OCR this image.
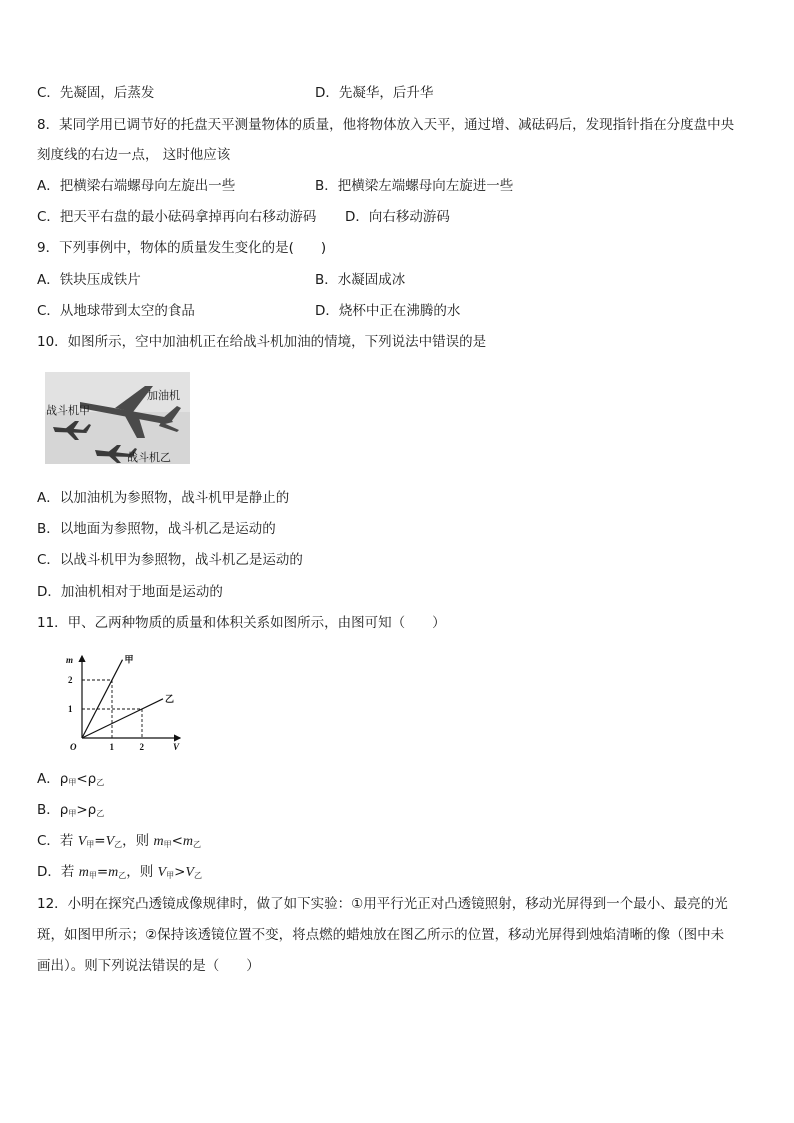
C．先凝固，后蒸发	D．先凝华，后升华
8．某同学用已调节好的托盘天平测量物体的质量，他将物体放入天平，通过增、减砝码后，发现指针指在分度盘中央
刻度线的右边一点， 这时他应该
A．把横梁右端螺母向左旋出一些	B．把横梁左端螺母向左旋进一些
C．把天平右盘的最小砝码拿掉再向右移动游码 D．向右移动游码
9．下列事例中，物体的质量发生变化的是(　　)
A．铁块压成铁片	B．水凝固成冰
C．从地球带到太空的食品	D．烧杯中正在沸腾的水
10．如图所示，空中加油机正在给战斗机加油的情境，下列说法中错误的是
加油机
战斗机甲
战斗机乙
A．以加油机为参照物，战斗机甲是静止的
B．以地面为参照物，战斗机乙是运动的
C．以战斗机甲为参照物，战斗机乙是运动的
D．加油机相对于地面是运动的
11．甲、乙两种物质的质量和体积关系如图所示，由图可知（　　）
m
V
O
2
1
1	2
甲
乙
A．$\rho_甲<\rho_乙$
B．$\rho_甲>\rho_乙$
C．若 $V_甲=V_乙$，则 $m_甲<m_乙$
D．若 $m_甲=m_乙$，则 $V_甲>V_乙$
12．小明在探究凸透镜成像规律时，做了如下实验：①用平行光正对凸透镜照射，移动光屏得到一个最小、最亮的光
斑，如图甲所示；②保持该透镜位置不变，将点燃的蜡烛放在图乙所示的位置，移动光屏得到烛焰清晰的像（图中未
画出）。则下列说法错误的是（　　）
